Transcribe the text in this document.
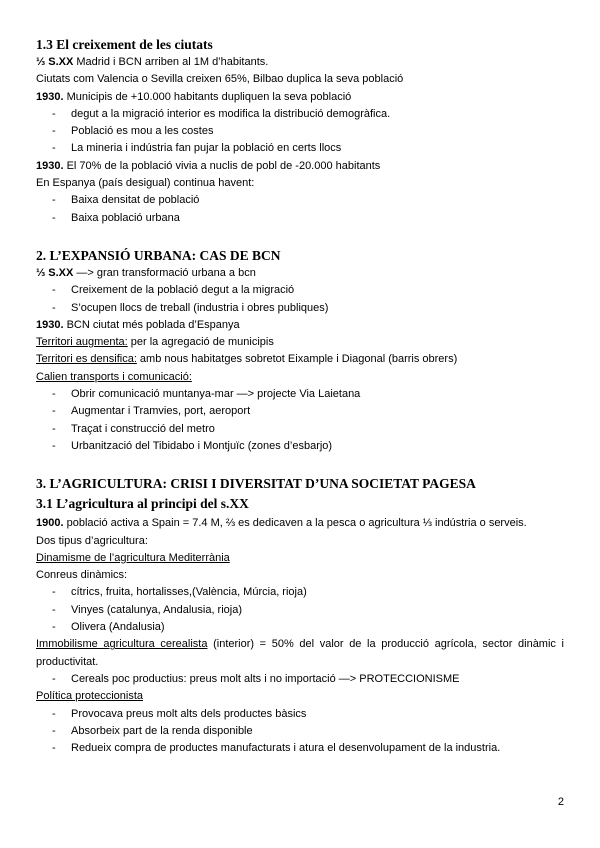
1.3 El creixement de les ciutats
⅓ S.XX Madrid i BCN arriben al 1M d’habitants.
Ciutats com Valencia o Sevilla creixen 65%, Bilbao duplica la seva població
1930. Municipis de +10.000 habitants dupliquen la seva població
- degut a la migració interior es modifica la distribució demogràfica.
- Població es mou a les costes
- La mineria i indústria fan pujar la població en certs llocs
1930. El 70% de la població vivia a nuclis de pobl de -20.000 habitants
En Espanya (país desigual) continua havent:
- Baixa densitat de població
- Baixa població urbana
2. L’EXPANSIÓ URBANA: CAS DE BCN
⅓ S.XX —> gran transformació urbana a bcn
- Creixement de la població degut a la migració
- S’ocupen llocs de treball (industria i obres publiques)
1930. BCN ciutat més poblada d’Espanya
Territori augmenta: per la agregació de municipis
Territori es densifica: amb nous habitatges sobretot Eixample i Diagonal (barris obrers)
Calien transports i comunicació:
- Obrir comunicació muntanya-mar —> projecte Via Laietana
- Augmentar i Tramvies, port, aeroport
- Traçat i construcció del metro
- Urbanització del Tibidabo i Montjuïc (zones d’esbarjo)
3. L’AGRICULTURA: CRISI I DIVERSITAT D’UNA SOCIETAT PAGESA
3.1 L’agricultura al principi del s.XX
1900. població activa a Spain = 7.4 M, ⅔ es dedicaven a la pesca o agricultura ⅓ indústria o serveis.
Dos tipus d’agricultura:
Dinamisme de l’agricultura Mediterrània
Conreus dinàmics:
- cítrics, fruita, hortalisses,(València, Múrcia, rioja)
- Vinyes (catalunya, Andalusia, rioja)
- Olivera (Andalusia)
Immobilisme agricultura cerealista (interior) = 50% del valor de la producció agrícola, sector dinàmic i productivitat.
- Cereals poc productius: preus molt alts i no importació —> PROTECCIONISME
Política proteccionista
- Provocava preus molt alts dels productes bàsics
- Absorbeix part de la renda disponible
- Redueix compra de productes manufacturats i atura el desenvolupament de la industria.
2
